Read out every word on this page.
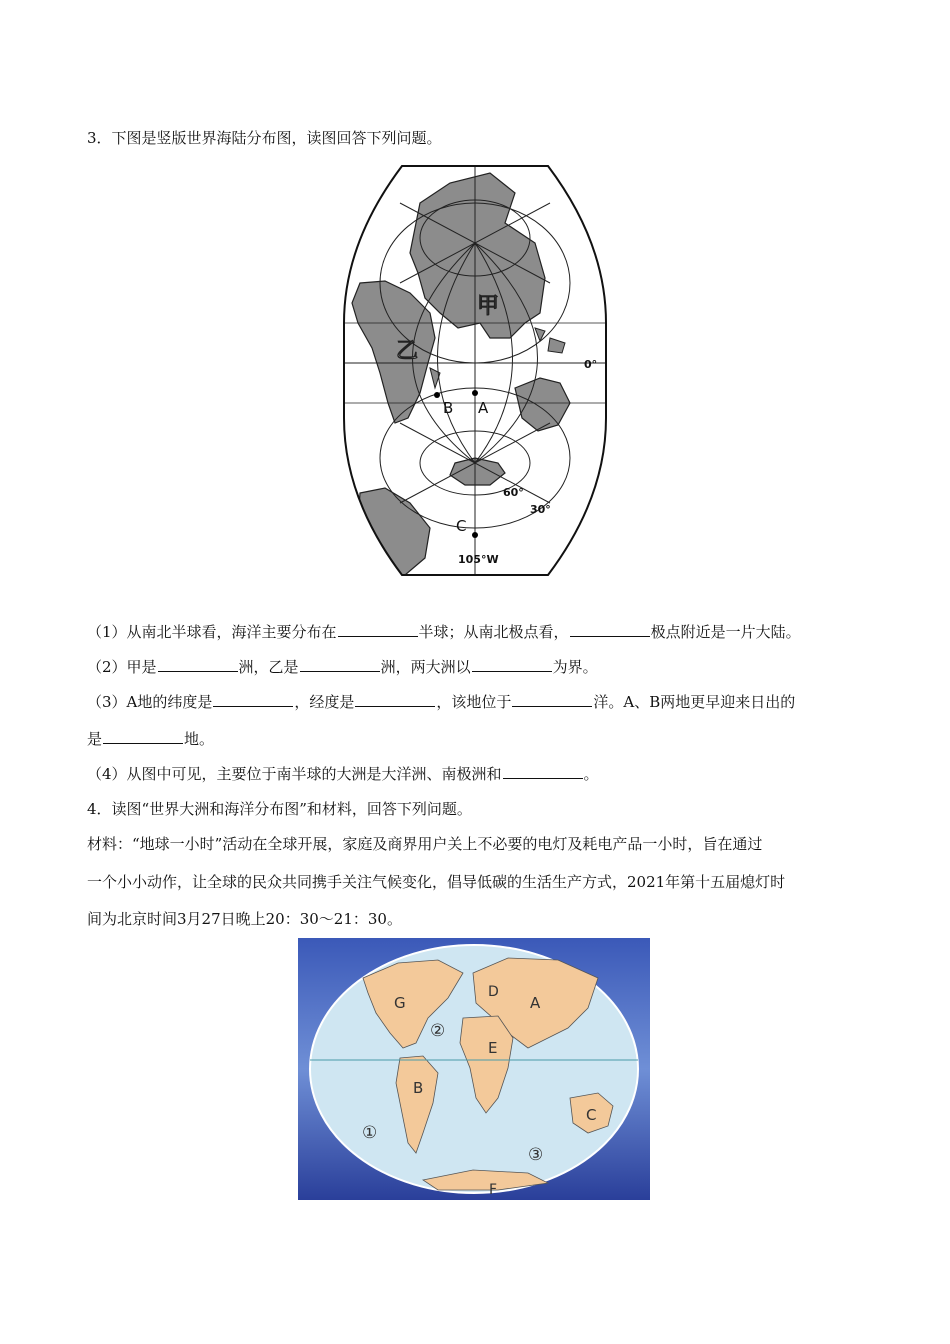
3．下图是竖版世界海陆分布图，读图回答下列问题。
甲
乙
A
B
C
0°
60°
30°
105°W
（1）从南北半球看，海洋主要分布在	半球；从南北极点看，	极点附近是一片大陆。
（2）甲是	洲，乙是	洲，两大洲以	为界。
（3）A地的纬度是	，经度是	，该地位于	洋。A、B两地更早迎来日出的
是	地。
（4）从图中可见，主要位于南半球的大洲是大洋洲、南极洲和	。
4．读图“世界大洲和海洋分布图”和材料，回答下列问题。
材料：“地球一小时”活动在全球开展，家庭及商界用户关上不必要的电灯及耗电产品一小时，旨在通过
一个小小动作，让全球的民众共同携手关注气候变化，倡导低碳的生活生产方式，2021年第十五届熄灯时
间为北京时间3月27日晚上20：30～21：30。
G
D
A
E
B
C
F
①
②
③
